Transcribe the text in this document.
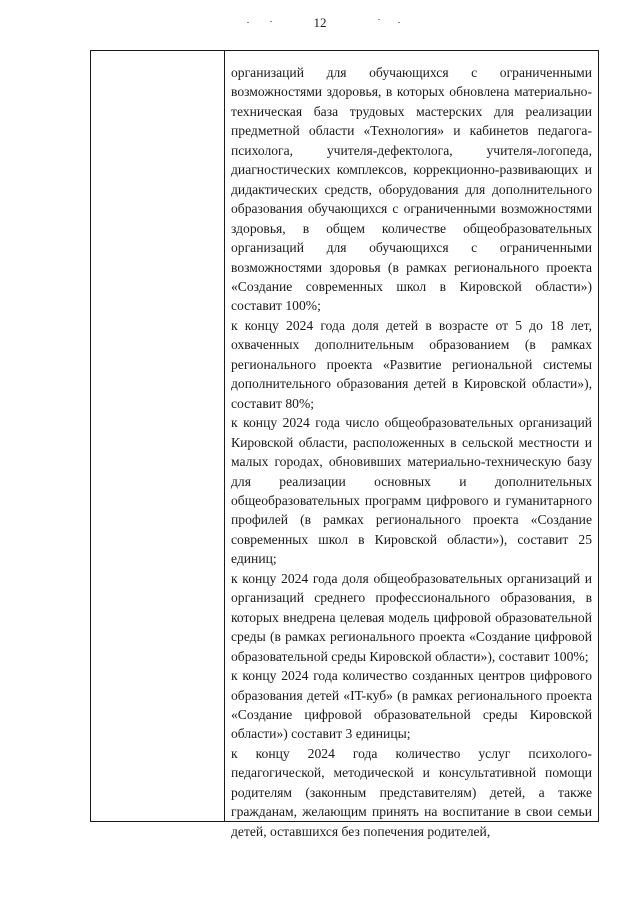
12

организаций для обучающихся с ограниченными возможностями здоровья, в которых обновлена материально-техническая база трудовых мастерских для реализации предметной области «Технология» и кабинетов педагога-психолога, учителя-дефектолога, учителя-логопеда, диагностических комплексов, коррекционно-развивающих и дидактических средств, оборудования для дополнительного образования обучающихся с ограниченными возможностями здоровья, в общем количестве общеобразовательных организаций для обучающихся с ограниченными возможностями здоровья (в рамках регионального проекта «Создание современных школ в Кировской области») составит 100%;

к концу 2024 года доля детей в возрасте от 5 до 18 лет, охваченных дополнительным образованием (в рамках регионального проекта «Развитие региональной системы дополнительного образования детей в Кировской области»), составит 80%;

к концу 2024 года число общеобразовательных организаций Кировской области, расположенных в сельской местности и малых городах, обновивших материально-техническую базу для реализации основных и дополнительных общеобразовательных программ цифрового и гуманитарного профилей (в рамках регионального проекта «Создание современных школ в Кировской области»), составит 25 единиц;

к концу 2024 года доля общеобразовательных организаций и организаций среднего профессионального образования, в которых внедрена целевая модель цифровой образовательной среды (в рамках регионального проекта «Создание цифровой образовательной среды Кировской области»), составит 100%;

к концу 2024 года количество созданных центров цифрового образования детей «IT-куб» (в рамках регионального проекта «Создание цифровой образовательной среды Кировской области») составит 3 единицы;

к концу 2024 года количество услуг психолого-педагогической, методической и консультативной помощи родителям (законным представителям) детей, а также гражданам, желающим принять на воспитание в свои семьи детей, оставшихся без попечения родителей,
